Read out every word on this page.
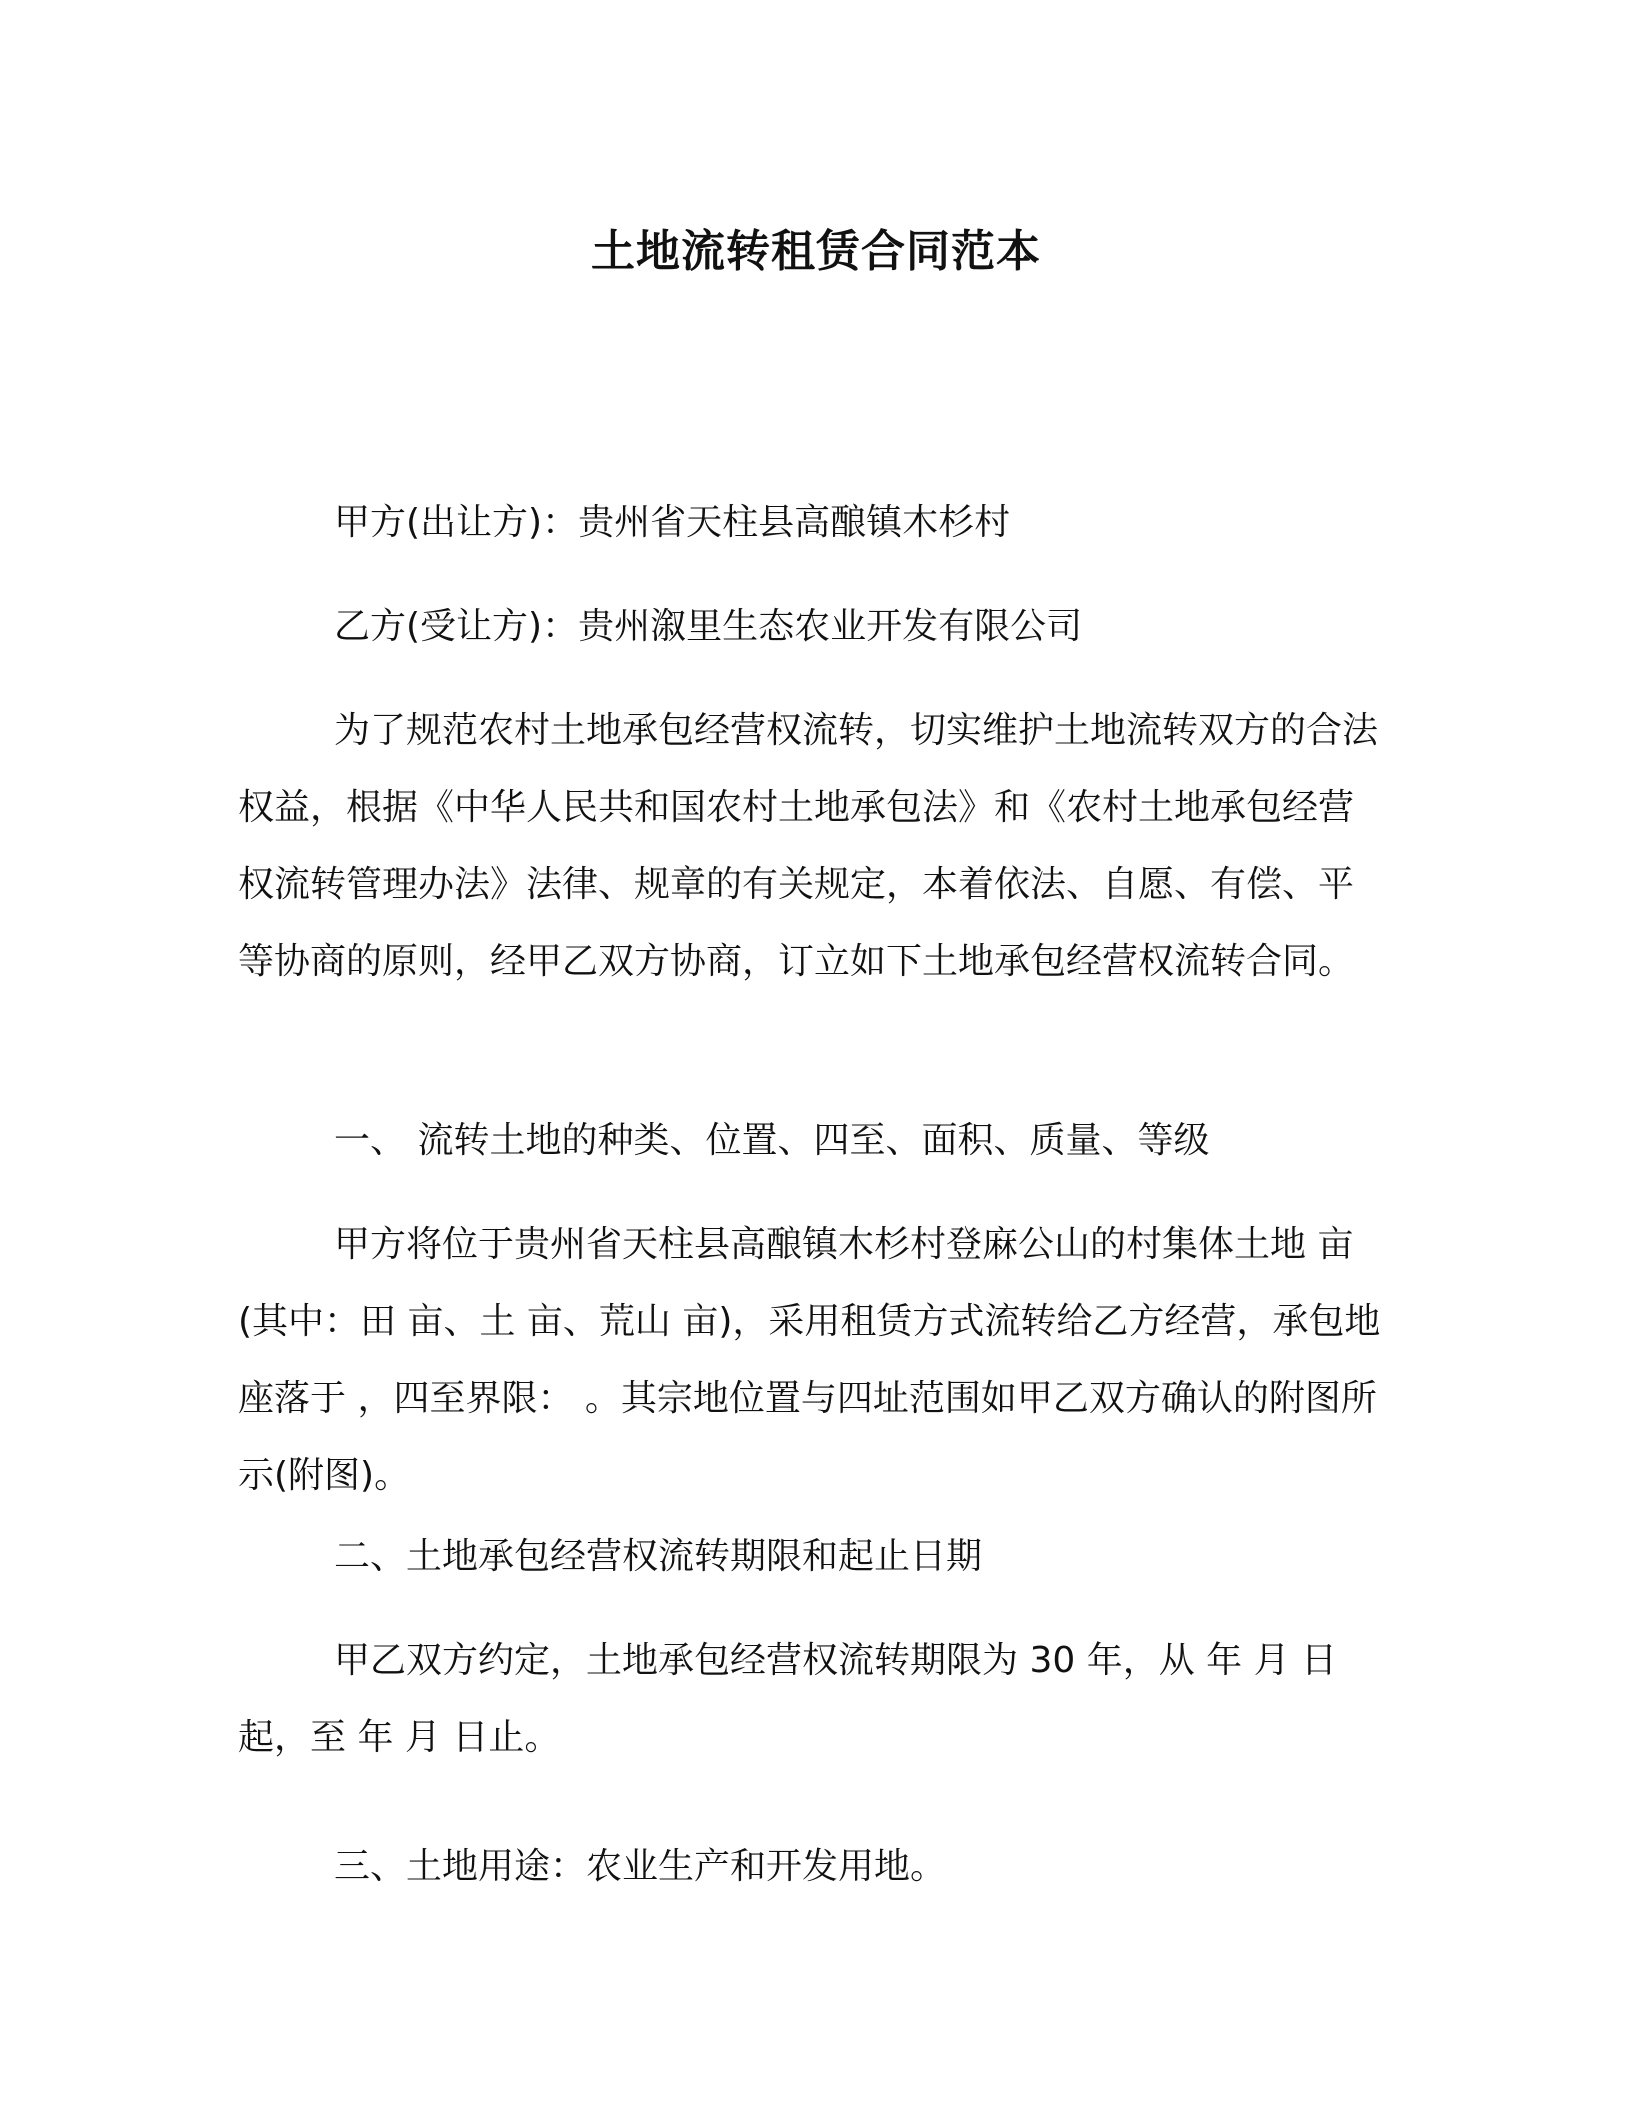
土地流转租赁合同范本

甲方(出让方)：贵州省天柱县高酿镇木杉村

乙方(受让方)：贵州溆里生态农业开发有限公司

为了规范农村土地承包经营权流转，切实维护土地流转双方的合法权益，根据《中华人民共和国农村土地承包法》和《农村土地承包经营权流转管理办法》法律、规章的有关规定，本着依法、自愿、有偿、平等协商的原则，经甲乙双方协商，订立如下土地承包经营权流转合同。

一、 流转土地的种类、位置、四至、面积、质量、等级

甲方将位于贵州省天柱县高酿镇木杉村登麻公山的村集体土地 亩(其中：田 亩、土 亩、荒山 亩)，采用租赁方式流转给乙方经营，承包地座落于 ，四至界限： 。其宗地位置与四址范围如甲乙双方确认的附图所示(附图)。

二、土地承包经营权流转期限和起止日期

甲乙双方约定，土地承包经营权流转期限为 30 年，从 年 月 日起，至 年 月 日止。

三、土地用途：农业生产和开发用地。
